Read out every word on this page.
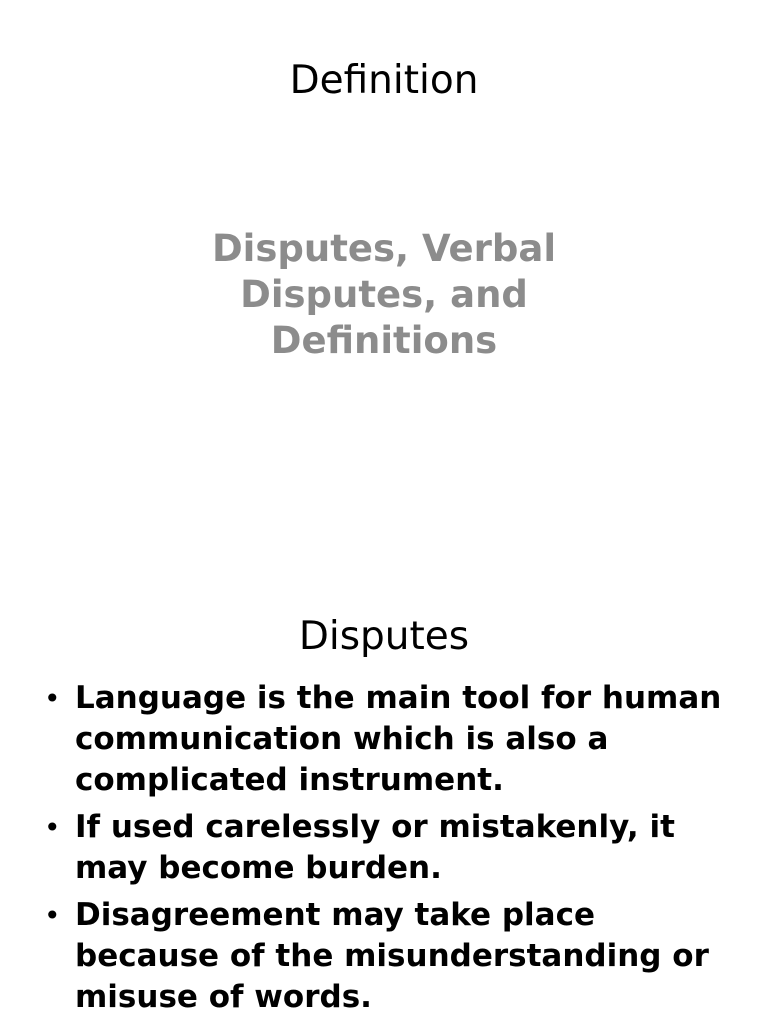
Definition
Disputes, Verbal Disputes, and Definitions
Disputes
• Language is the main tool for human communication which is also a complicated instrument.
• If used carelessly or mistakenly, it may become burden.
• Disagreement may take place because of the misunderstanding or misuse of words.
